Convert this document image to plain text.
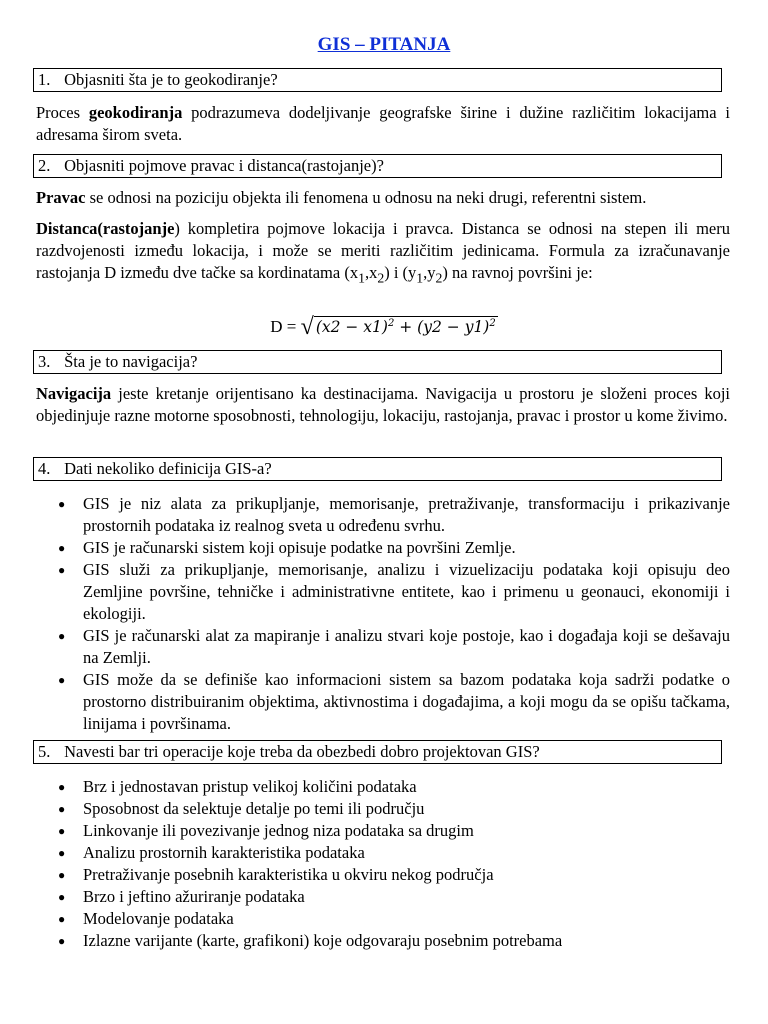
GIS – PITANJA
1. Objasniti šta je to geokodiranje?

Proces geokodiranja podrazumeva dodeljivanje geografske širine i dužine različitim lokacijama i adresama širom sveta.

2. Objasniti pojmove pravac i distanca(rastojanje)?

Pravac se odnosi na poziciju objekta ili fenomena u odnosu na neki drugi, referentni sistem.

Distanca(rastojanje) kompletira pojmove lokacija i pravca. Distanca se odnosi na stepen ili meru razdvojenosti između lokacija, i može se meriti različitim jedinicama. Formula za izračunavanje rastojanja D između dve tačke sa kordinatama $(x_1,x_2)$ i $(y_1,y_2)$ na ravnoj površini je:

D = √ $(x2 - x1)^2 + (y2 - y1)^2$
3. Šta je to navigacija?

Navigacija jeste kretanje orijentisano ka destinacijama. Navigacija u prostoru je složeni proces koji objedinjuje razne motorne sposobnosti, tehnologiju, lokaciju, rastojanja, pravac i prostor u kome živimo.

4. Dati nekoliko definicija GIS-a?
● GIS je niz alata za prikupljanje, memorisanje, pretraživanje, transformaciju i prikazivanje prostornih podataka iz realnog sveta u određenu svrhu.
● GIS je računarski sistem koji opisuje podatke na površini Zemlje.
● GIS služi za prikupljanje, memorisanje, analizu i vizuelizaciju podataka koji opisuju deo Zemljine površine, tehničke i administrativne entitete, kao i primenu u geonauci, ekonomiji i ekologiji.
● GIS je računarski alat za mapiranje i analizu stvari koje postoje, kao i događaja koji se dešavaju na Zemlji.
● GIS može da se definiše kao informacioni sistem sa bazom podataka koja sadrži podatke o prostorno distribuiranim objektima, aktivnostima i događajima, a koji mogu da se opišu tačkama, linijama i površinama.
5. Navesti bar tri operacije koje treba da obezbedi dobro projektovan GIS?
● Brz i jednostavan pristup velikoj količini podataka
● Sposobnost da selektuje detalje po temi ili području
● Linkovanje ili povezivanje jednog niza podataka sa drugim
● Analizu prostornih karakteristika podataka
● Pretraživanje posebnih karakteristika u okviru nekog područja
● Brzo i jeftino ažuriranje podataka
● Modelovanje podataka
● Izlazne varijante (karte, grafikoni) koje odgovaraju posebnim potrebama
